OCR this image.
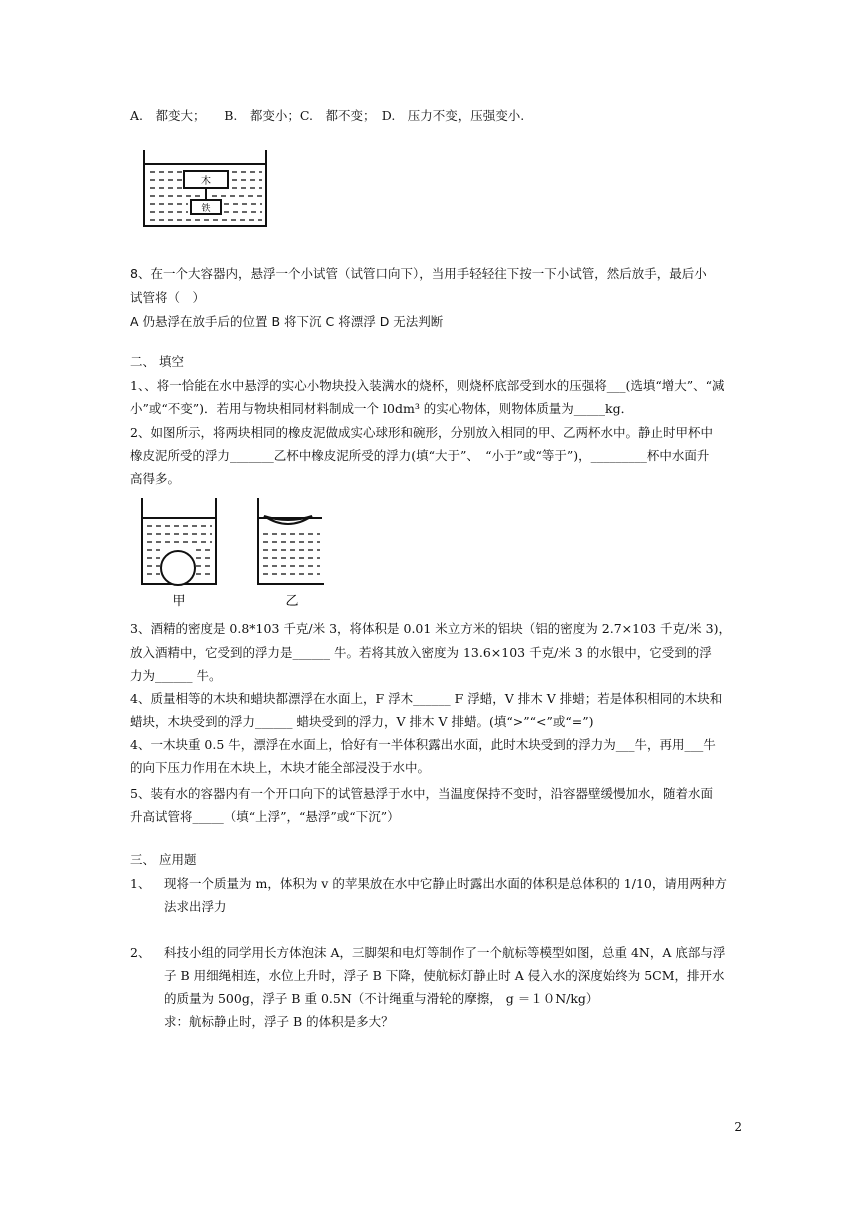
A.　都变大；　　B.　都变小；C.　都不变；　D.　压力不变，压强变小.
木
铁
8、在一个大容器内，悬浮一个小试管（试管口向下），当用手轻轻往下按一下小试管，然后放手，最后小
试管将（　）
A 仍悬浮在放手后的位置 B 将下沉 C 将漂浮 D 无法判断
二、 填空
1、、将一恰能在水中悬浮的实心小物块投入装满水的烧杯，则烧杯底部受到水的压强将___(选填“增大”、“减
小”或“不变”)．若用与物块相同材料制成一个 l0dm³ 的实心物体，则物体质量为_____kg．
2、如图所示，将两块相同的橡皮泥做成实心球形和碗形，分别放入相同的甲、乙两杯水中。静止时甲杯中
橡皮泥所受的浮力_______乙杯中橡皮泥所受的浮力(填“大于”、　“小于”或“等于”)，_________杯中水面升
高得多。
甲	乙
3、酒精的密度是 0.8*103 千克/米 3，将体积是 0.01 米立方米的铝块（铝的密度为 2.7×103 千克/米 3)，
放入酒精中，它受到的浮力是______ 牛。若将其放入密度为 13.6×103 千克/米 3 的水银中，它受到的浮
力为______ 牛。
4、质量相等的木块和蜡块都漂浮在水面上，F 浮木______ F 浮蜡，V 排木 V 排蜡；若是体积相同的木块和
蜡块，木块受到的浮力______ 蜡块受到的浮力，V 排木 V 排蜡。(填“>”“<”或“=”)
4、一木块重 0.5 牛，漂浮在水面上，恰好有一半体积露出水面，此时木块受到的浮力为___牛，再用___牛
的向下压力作用在木块上，木块才能全部浸没于水中。
5、装有水的容器内有一个开口向下的试管悬浮于水中，当温度保持不变时，沿容器壁缓慢加水，随着水面
升高试管将_____（填“上浮”，“悬浮”或“下沉”）
三、 应用题
1、 现将一个质量为 m，体积为 v 的苹果放在水中它静止时露出水面的体积是总体积的 1/10，请用两种方
法求出浮力
2、 科技小组的同学用长方体泡沫 A，三脚架和电灯等制作了一个航标等模型如图，总重 4N，A 底部与浮
子 B 用细绳相连，水位上升时，浮子 B 下降，使航标灯静止时 A 侵入水的深度始终为 5CM，排开水
的质量为 500g，浮子 B 重 0.5N（不计绳重与滑轮的摩擦， g ＝１０N/kg）
求：航标静止时，浮子 B 的体积是多大？
2
